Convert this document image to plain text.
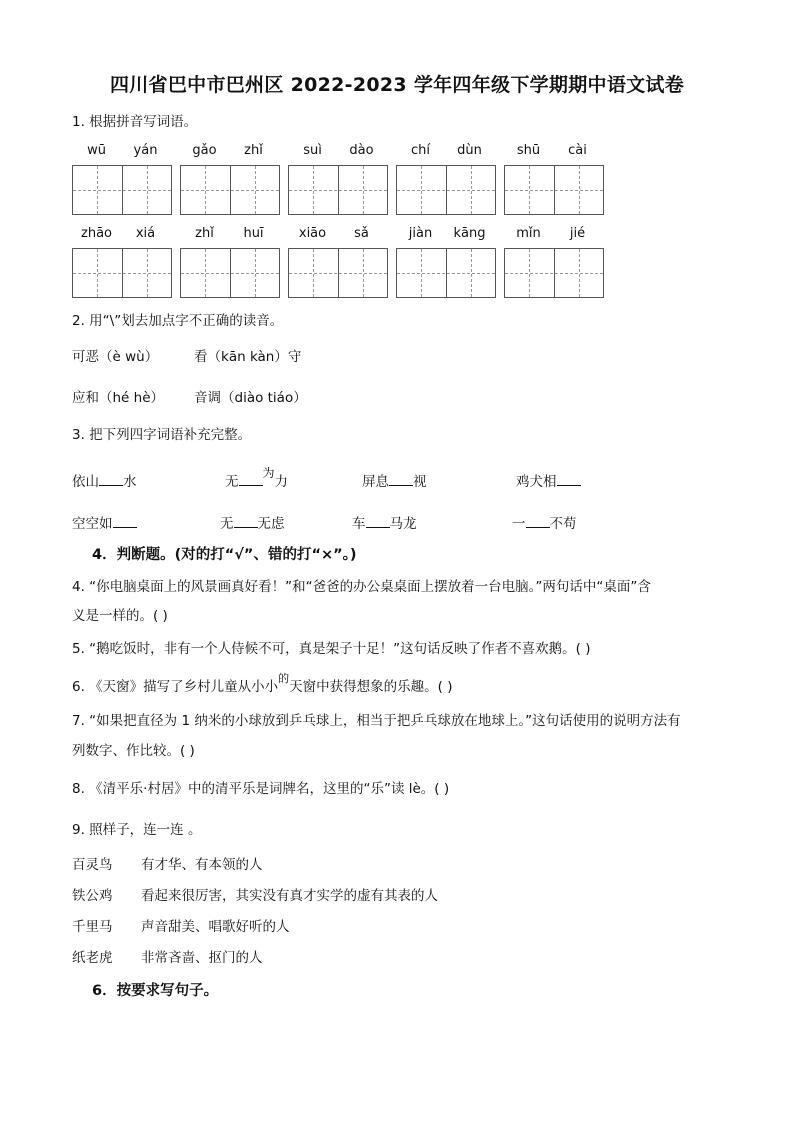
四川省巴中市巴州区 2022-2023 学年四年级下学期期中语文试卷
1. 根据拼音写词语。
wū	yán	gǎo	zhǐ	suì	dào	chí	dùn	shū	cài
zhāo	xiá	zhǐ	huī	xiāo	sǎ	jiàn	kāng	mǐn	jié
2. 用“\”划去加点字不正确的读音。
可恶（è wù）	看（kān kàn）守
应和（hé hè） 音调（diào tiáo）
3. 把下列四字词语补充完整。
依山 水	无为力	屏息 视	鸡犬相
空空如	无 无虑	车 马龙	一 不苟
4．判断题。(对的打“√”、错的打“×”。)
4. “你电脑桌面上的风景画真好看！”和“爸爸的办公桌桌面上摆放着一台电脑。”两句话中“桌面”含
义是一样的。( )
5. “鹅吃饭时，非有一个人侍候不可，真是架子十足！”这句话反映了作者不喜欢鹅。( )
6. 《天窗》描写了乡村儿童从小小$^的$天窗中获得想象的乐趣。( )
7. “如果把直径为 1 纳米的小球放到乒乓球上，相当于把乒乓球放在地球上。”这句话使用的说明方法有
列数字、作比较。( )
8. 《清平乐·村居》中的清平乐是词牌名，这里的“乐”读 lè。( )
9. 照样子，连一连 。
百灵鸟 有才华、有本领的人
铁公鸡 看起来很厉害，其实没有真才实学的虚有其表的人
千里马 声音甜美、唱歌好听的人
纸老虎 非常吝啬、抠门的人
6．按要求写句子。
